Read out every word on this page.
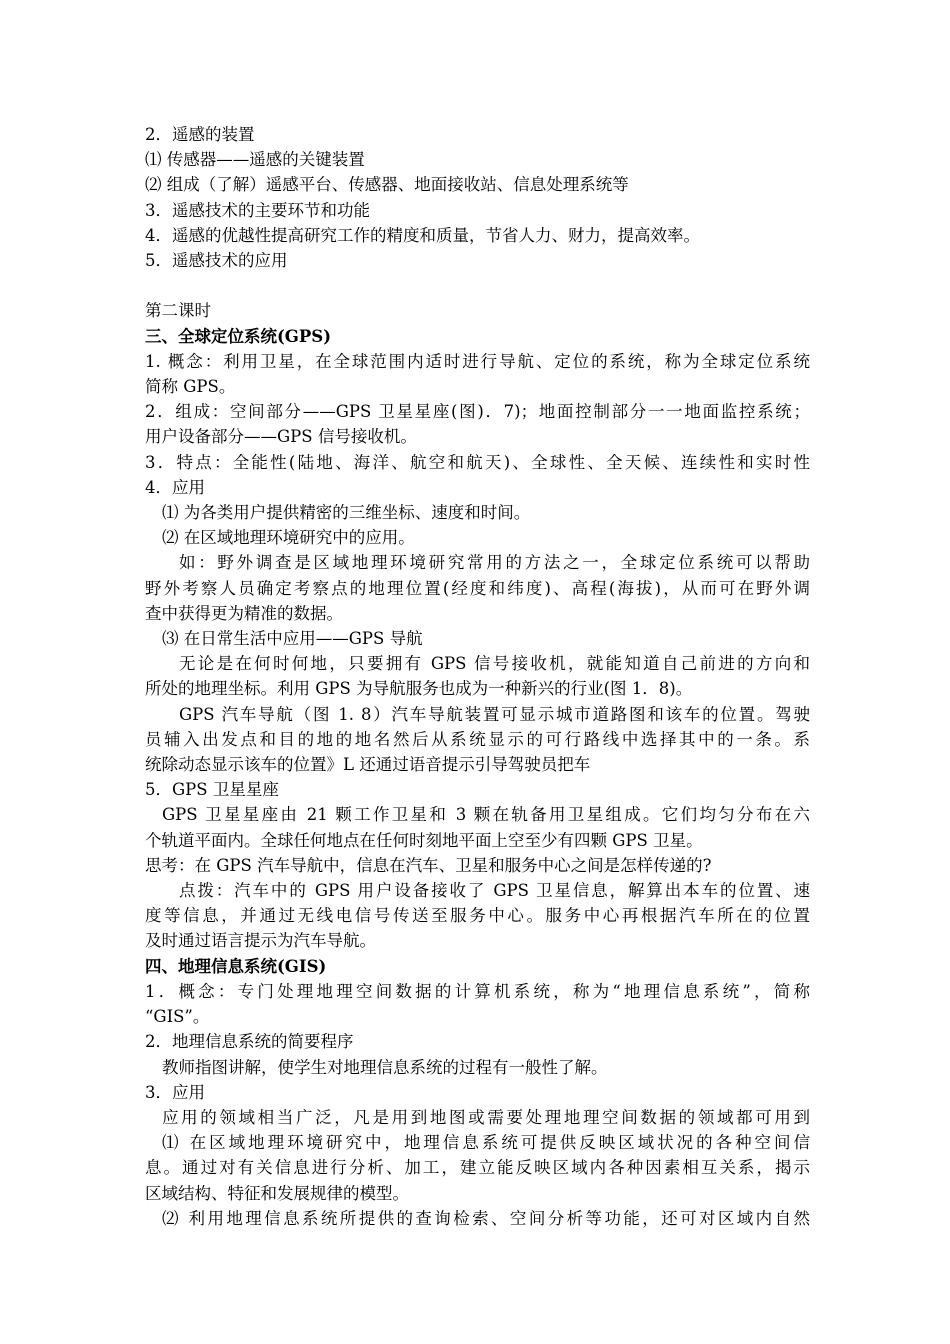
2．遥感的装置
⑴ 传感器——遥感的关键装置
⑵ 组成（了解）遥感平台、传感器、地面接收站、信息处理系统等
3．遥感技术的主要环节和功能
4．遥感的优越性提高研究工作的精度和质量，节省人力、财力，提高效率。
5．遥感技术的应用
第二课时
三、全球定位系统(GPS)
1. 概念：利用卫星，在全球范围内适时进行导航、定位的系统，称为全球定位系统
简称 GPS。
2．组成：空间部分——GPS 卫星星座(图)．7)；地面控制部分一一地面监控系统；
用户设备部分——GPS 信号接收机。
3．特点：全能性(陆地、海洋、航空和航天)、全球性、全天候、连续性和实时性
4．应用
⑴ 为各类用户提供精密的三维坐标、速度和时间。
⑵ 在区域地理环境研究中的应用。
如：野外调查是区域地理环境研究常用的方法之一，全球定位系统可以帮助
野外考察人员确定考察点的地理位置(经度和纬度)、高程(海拔)，从而可在野外调
查中获得更为精准的数据。
⑶ 在日常生活中应用——GPS 导航
无论是在何时何地，只要拥有 GPS 信号接收机，就能知道自己前进的方向和
所处的地理坐标。利用 GPS 为导航服务也成为一种新兴的行业(图 1．8)。
GPS 汽车导航（图 1. 8）汽车导航装置可显示城市道路图和该车的位置。驾驶
员辅入出发点和目的地的地名然后从系统显示的可行路线中选择其中的一条。系
统除动态显示该车的位置》L 还通过语音提示引导驾驶员把车
5．GPS 卫星星座
GPS 卫星星座由 21 颗工作卫星和 3 颗在轨备用卫星组成。它们均匀分布在六
个轨道平面内。全球任何地点在任何时刻地平面上空至少有四颗 GPS 卫星。
思考：在 GPS 汽车导航中，信息在汽车、卫星和服务中心之间是怎样传递的?
点拨：汽车中的 GPS 用户设备接收了 GPS 卫星信息，解算出本车的位置、速
度等信息，并通过无线电信号传送至服务中心。服务中心再根据汽车所在的位置
及时通过语言提示为汽车导航。
四、地理信息系统(GIS)
1．概念：专门处理地理空间数据的计算机系统，称为“地理信息系统”，简称
“GIS”。
2．地理信息系统的简要程序
教师指图讲解，使学生对地理信息系统的过程有一般性了解。
3．应用
应用的领域相当广泛，凡是用到地图或需要处理地理空间数据的领域都可用到
⑴ 在区域地理环境研究中，地理信息系统可提供反映区域状况的各种空间信
息。通过对有关信息进行分析、加工，建立能反映区域内各种因素相互关系，揭示
区域结构、特征和发展规律的模型。
⑵ 利用地理信息系统所提供的查询检索、空间分析等功能，还可对区域内自然
